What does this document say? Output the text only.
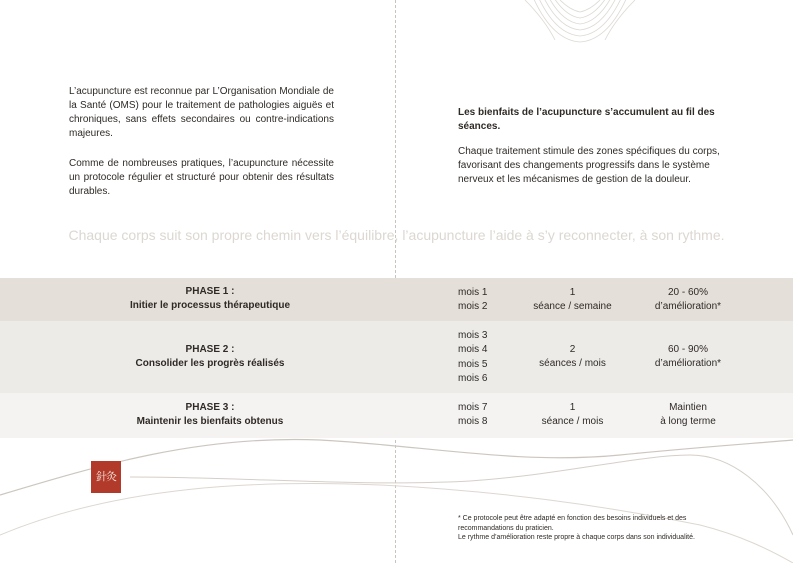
L’acupuncture est reconnue par L’Organisation Mondiale de la Santé (OMS) pour le traitement de pathologies aiguës et chroniques, sans effets secondaires ou contre-indications majeures.
Comme de nombreuses pratiques, l’acupuncture nécessite un protocole régulier et structuré pour obtenir des résultats durables.
Les bienfaits de l’acupuncture s’accumulent au fil des séances.
Chaque traitement stimule des zones spécifiques du corps, favorisant des changements progressifs dans le système nerveux et les mécanismes de gestion de la douleur.
Chaque corps suit son propre chemin vers l’équilibre, l’acupuncture l’aide à s’y reconnecter, à son rythme.
PHASE 1 :
Initier le processus thérapeutique
mois 1
mois 2
1
séance / semaine
20 - 60%
d’amélioration*
PHASE 2 :
Consolider les progrès réalisés
mois 3
mois 4
mois 5
mois 6
2
séances / mois
60 - 90%
d’amélioration*
PHASE 3 :
Maintenir les bienfaits obtenus
mois 7
mois 8
1
séance / mois
Maintien
à long terme
針灸
* Ce protocole peut être adapté en fonction des besoins individuels et des
recommandations du praticien.
Le rythme d’amélioration reste propre à chaque corps dans son individualité.
